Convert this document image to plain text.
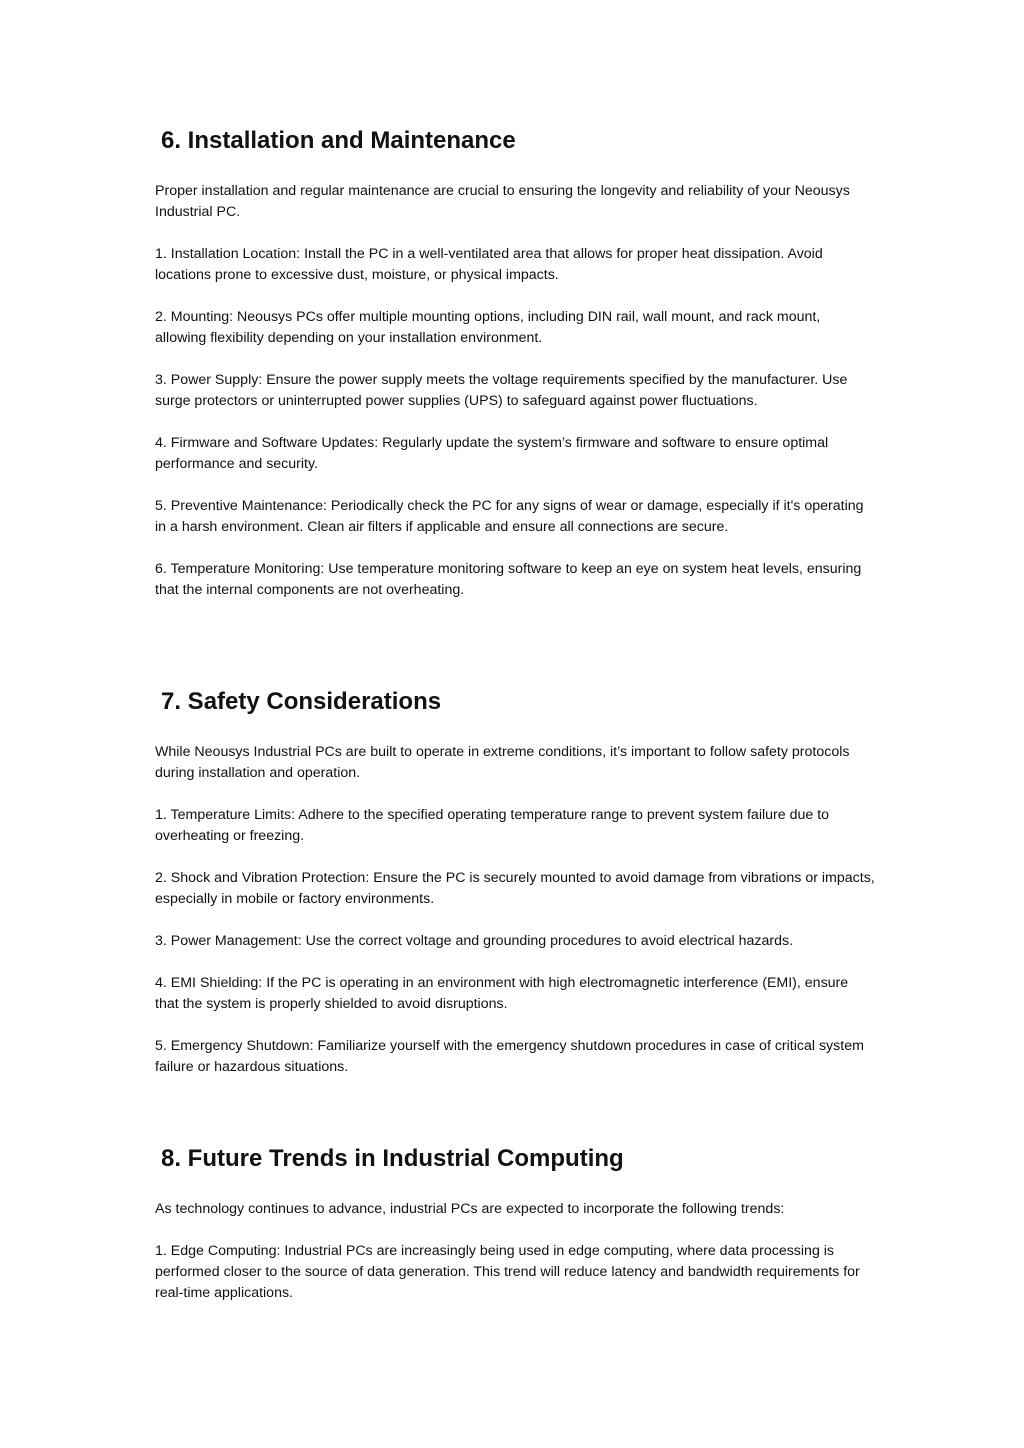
6. Installation and Maintenance

Proper installation and regular maintenance are crucial to ensuring the longevity and reliability of your Neousys Industrial PC.

1. Installation Location: Install the PC in a well-ventilated area that allows for proper heat dissipation. Avoid locations prone to excessive dust, moisture, or physical impacts.

2. Mounting: Neousys PCs offer multiple mounting options, including DIN rail, wall mount, and rack mount, allowing flexibility depending on your installation environment.

3. Power Supply: Ensure the power supply meets the voltage requirements specified by the manufacturer. Use surge protectors or uninterrupted power supplies (UPS) to safeguard against power fluctuations.

4. Firmware and Software Updates: Regularly update the system’s firmware and software to ensure optimal performance and security.

5. Preventive Maintenance: Periodically check the PC for any signs of wear or damage, especially if it's operating in a harsh environment. Clean air filters if applicable and ensure all connections are secure.

6. Temperature Monitoring: Use temperature monitoring software to keep an eye on system heat levels, ensuring that the internal components are not overheating.

7. Safety Considerations

While Neousys Industrial PCs are built to operate in extreme conditions, it’s important to follow safety protocols during installation and operation.

1. Temperature Limits: Adhere to the specified operating temperature range to prevent system failure due to overheating or freezing.

2. Shock and Vibration Protection: Ensure the PC is securely mounted to avoid damage from vibrations or impacts, especially in mobile or factory environments.

3. Power Management: Use the correct voltage and grounding procedures to avoid electrical hazards.

4. EMI Shielding: If the PC is operating in an environment with high electromagnetic interference (EMI), ensure that the system is properly shielded to avoid disruptions.

5. Emergency Shutdown: Familiarize yourself with the emergency shutdown procedures in case of critical system failure or hazardous situations.

8. Future Trends in Industrial Computing

As technology continues to advance, industrial PCs are expected to incorporate the following trends:

1. Edge Computing: Industrial PCs are increasingly being used in edge computing, where data processing is performed closer to the source of data generation. This trend will reduce latency and bandwidth requirements for real-time applications.
